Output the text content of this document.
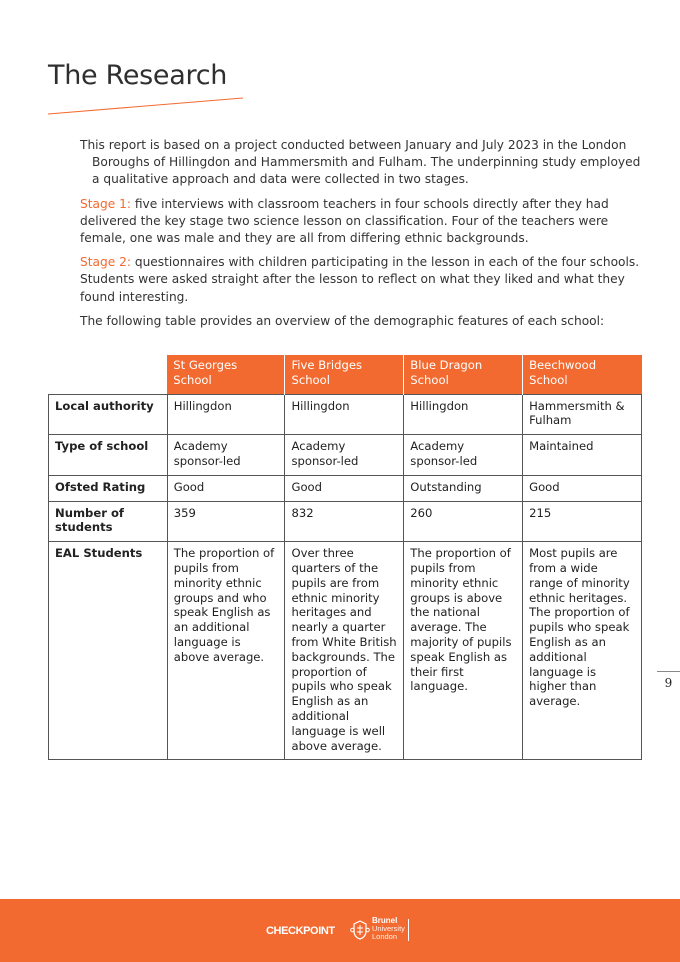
The Research

This report is based on a project conducted between January and July 2023 in the London Boroughs of Hillingdon and Hammersmith and Fulham. The underpinning study employed a qualitative approach and data were collected in two stages.

Stage 1: five interviews with classroom teachers in four schools directly after they had delivered the key stage two science lesson on classification. Four of the teachers were female, one was male and they are all from differing ethnic backgrounds.

Stage 2: questionnaires with children participating in the lesson in each of the four schools. Students were asked straight after the lesson to reflect on what they liked and what they found interesting.

The following table provides an overview of the demographic features of each school:

	St Georges School	Five Bridges School	Blue Dragon School	Beechwood School
Local authority	Hillingdon	Hillingdon	Hillingdon	Hammersmith & Fulham
Type of school	Academy sponsor-led	Academy sponsor-led	Academy sponsor-led	Maintained
Ofsted Rating	Good	Good	Outstanding	Good
Number of students	359	832	260	215
EAL Students	The proportion of pupils from minority ethnic groups and who speak English as an additional language is above average.	Over three quarters of the pupils are from ethnic minority heritages and nearly a quarter from White British backgrounds. The proportion of pupils who speak English as an additional language is well above average.	The proportion of pupils from minority ethnic groups is above the national average. The majority of pupils speak English as their first language.	Most pupils are from a wide range of minority ethnic heritages. The proportion of pupils who speak English as an additional language is higher than average.
9
CHECKPOINT
Brunel
University
London
